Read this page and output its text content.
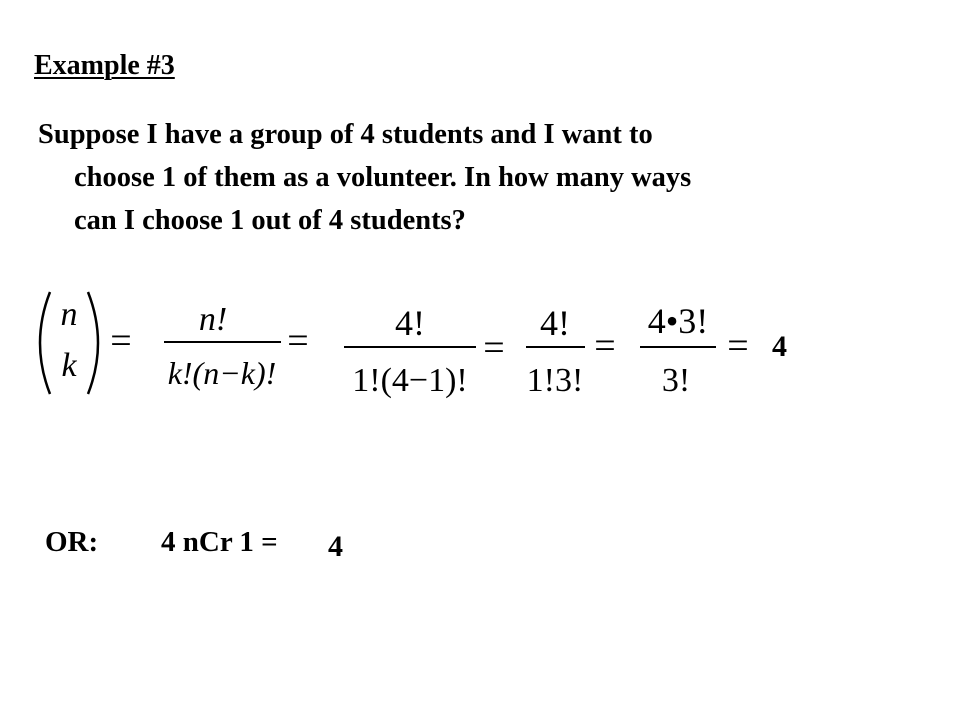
Example #3
Suppose I have a group of 4 students and I want to
choose 1 of them as a volunteer. In how many ways
can I choose 1 out of 4 students?
n
k
=
n!
k!(n−k)!
= 4!
1!(4−1)!
=
4!
1!3!
=
4•3!
3!
= 4
OR: 4 nCr 1 = 4
